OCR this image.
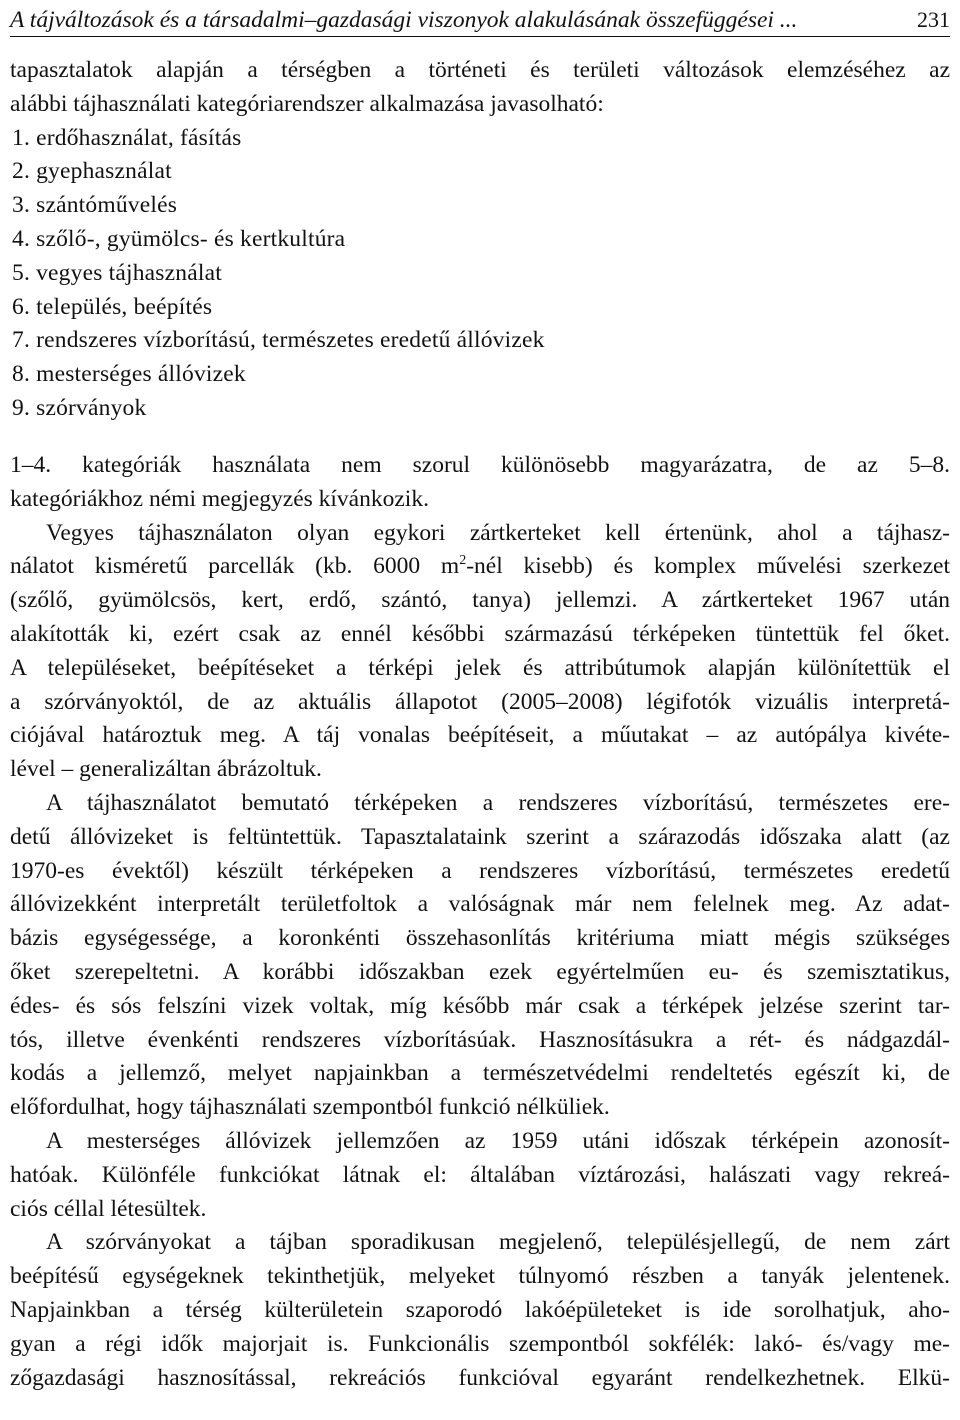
A tájváltozások és a társadalmi–gazdasági viszonyok alakulásának összefüggései ...	231

tapasztalatok alapján a térségben a történeti és területi változások elemzéséhez az
alábbi tájhasználati kategóriarendszer alkalmazása javasolható:

1. erdőhasználat, fásítás
2. gyephasználat
3. szántóművelés
4. szőlő-, gyümölcs- és kertkultúra
5. vegyes tájhasználat
6. település, beépítés
7. rendszeres vízborítású, természetes eredetű állóvizek
8. mesterséges állóvizek
9. szórványok

1–4. kategóriák használata nem szorul különösebb magyarázatra, de az 5–8.
kategóriákhoz némi megjegyzés kívánkozik.

Vegyes tájhasználaton olyan egykori zártkerteket kell értenünk, ahol a tájhasz-
nálatot kisméretű parcellák (kb. 6000 $m^2$-nél kisebb) és komplex művelési szerkezet
(szőlő, gyümölcsös, kert, erdő, szántó, tanya) jellemzi. A zártkerteket 1967 után
alakították ki, ezért csak az ennél későbbi származású térképeken tüntettük fel őket.
A településeket, beépítéseket a térképi jelek és attribútumok alapján különítettük el
a szórványoktól, de az aktuális állapotot (2005–2008) légifotók vizuális interpretá-
ciójával határoztuk meg. A táj vonalas beépítéseit, a műutakat – az autópálya kivéte-
lével – generalizáltan ábrázoltuk.

A tájhasználatot bemutató térképeken a rendszeres vízborítású, természetes ere-
detű állóvizeket is feltüntettük. Tapasztalataink szerint a szárazodás időszaka alatt (az
1970-es évektől) készült térképeken a rendszeres vízborítású, természetes eredetű
állóvizekként interpretált területfoltok a valóságnak már nem felelnek meg. Az adat-
bázis egységessége, a koronkénti összehasonlítás kritériuma miatt mégis szükséges
őket szerepeltetni. A korábbi időszakban ezek egyértelműen eu- és szemisztatikus,
édes- és sós felszíni vizek voltak, míg később már csak a térképek jelzése szerint tar-
tós, illetve évenkénti rendszeres vízborításúak. Hasznosításukra a rét- és nádgazdál-
kodás a jellemző, melyet napjainkban a természetvédelmi rendeltetés egészít ki, de
előfordulhat, hogy tájhasználati szempontból funkció nélküliek.

A mesterséges állóvizek jellemzően az 1959 utáni időszak térképein azonosít-
hatóak. Különféle funkciókat látnak el: általában víztározási, halászati vagy rekreá-
ciós céllal létesültek.

A szórványokat a tájban sporadikusan megjelenő, településjellegű, de nem zárt
beépítésű egységeknek tekinthetjük, melyeket túlnyomó részben a tanyák jelentenek.
Napjainkban a térség külterületein szaporodó lakóépületeket is ide sorolhatjuk, aho-
gyan a régi idők majorjait is. Funkcionális szempontból sokfélék: lakó- és/vagy me-
zőgazdasági hasznosítással, rekreációs funkcióval egyaránt rendelkezhetnek. Elkü-
